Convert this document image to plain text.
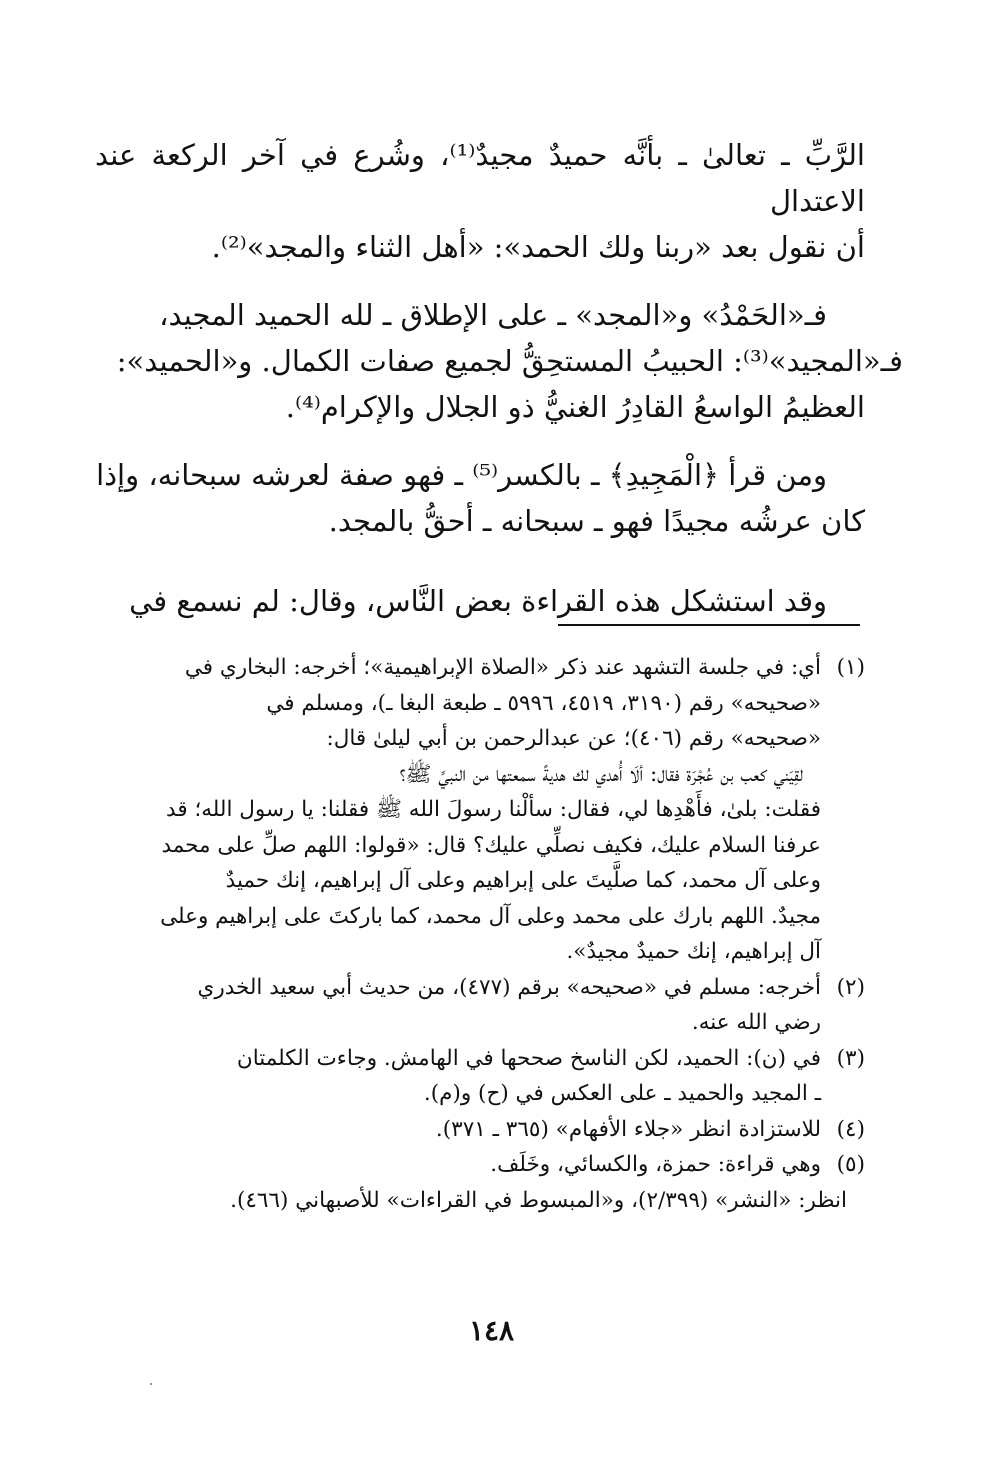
الرَّبِّ ـ تعالىٰ ـ بأنَّه حميدٌ مجيدٌ⁽¹⁾، وشُرع في آخر الركعة عند الاعتدال
أن نقول بعد «ربنا ولك الحمد»: «أهل الثناء والمجد»⁽²⁾.

فـ«الحَمْدُ» و«المجد» ـ على الإطلاق ـ لله الحميد المجيد،
فـ«المجيد»⁽³⁾: الحبيبُ المستحِقُّ لجميع صفات الكمال. و«الحميد»:
العظيمُ الواسعُ القادِرُ الغنيُّ ذو الجلال والإكرام⁽⁴⁾.

ومن قرأ ﴿الْمَجِيدِ﴾ ـ بالكسر⁽⁵⁾ ـ فهو صفة لعرشه سبحانه، وإذا
كان عرشُه مجيدًا فهو ـ سبحانه ـ أحقُّ بالمجد.

وقد استشكل هذه القراءة بعض النَّاس، وقال: لم نسمع في

(١)

أي: في جلسة التشهد عند ذكر «الصلاة الإبراهيمية»؛ أخرجه: البخاري في

«صحيحه» رقم (٣١٩٠، ٤٥١٩، ٥٩٩٦ ـ طبعة البغا ـ)، ومسلم في

«صحيحه» رقم (٤٠٦)؛ عن عبدالرحمن بن أبي ليلىٰ قال:

لقِيَني كعب بن عُجْرَة فقال: ألَا أُهدي لك هديةً سمعتها من النبيِّ ﷺ؟

فقلت: بلىٰ، فأَهْدِها لي، فقال: سألْنا رسولَ الله ﷺ فقلنا: يا رسول الله؛ قد

عرفنا السلام عليك، فكيف نصلِّي عليك؟ قال: «قولوا: اللهم صلِّ على محمد

وعلى آل محمد، كما صلَّيتَ على إبراهيم وعلى آل إبراهيم، إنك حميدٌ

مجيدٌ. اللهم بارك على محمد وعلى آل محمد، كما باركتَ على إبراهيم وعلى

آل إبراهيم، إنك حميدٌ مجيدٌ».

(٢)

أخرجه: مسلم في «صحيحه» برقم (٤٧٧)، من حديث أبي سعيد الخدري

رضي الله عنه.

(٣)

في (ن): الحميد، لكن الناسخ صححها في الهامش. وجاءت الكلمتان

ـ المجيد والحميد ـ على العكس في (ح) و(م).

(٤)

للاستزادة انظر «جلاء الأفهام» (٣٦٥ ـ ٣٧١).

(٥)

وهي قراءة: حمزة، والكسائي، وخَلَف.

انظر: «النشر» (٢/٣٩٩)، و«المبسوط في القراءات» للأصبهاني (٤٦٦).

١٤٨
